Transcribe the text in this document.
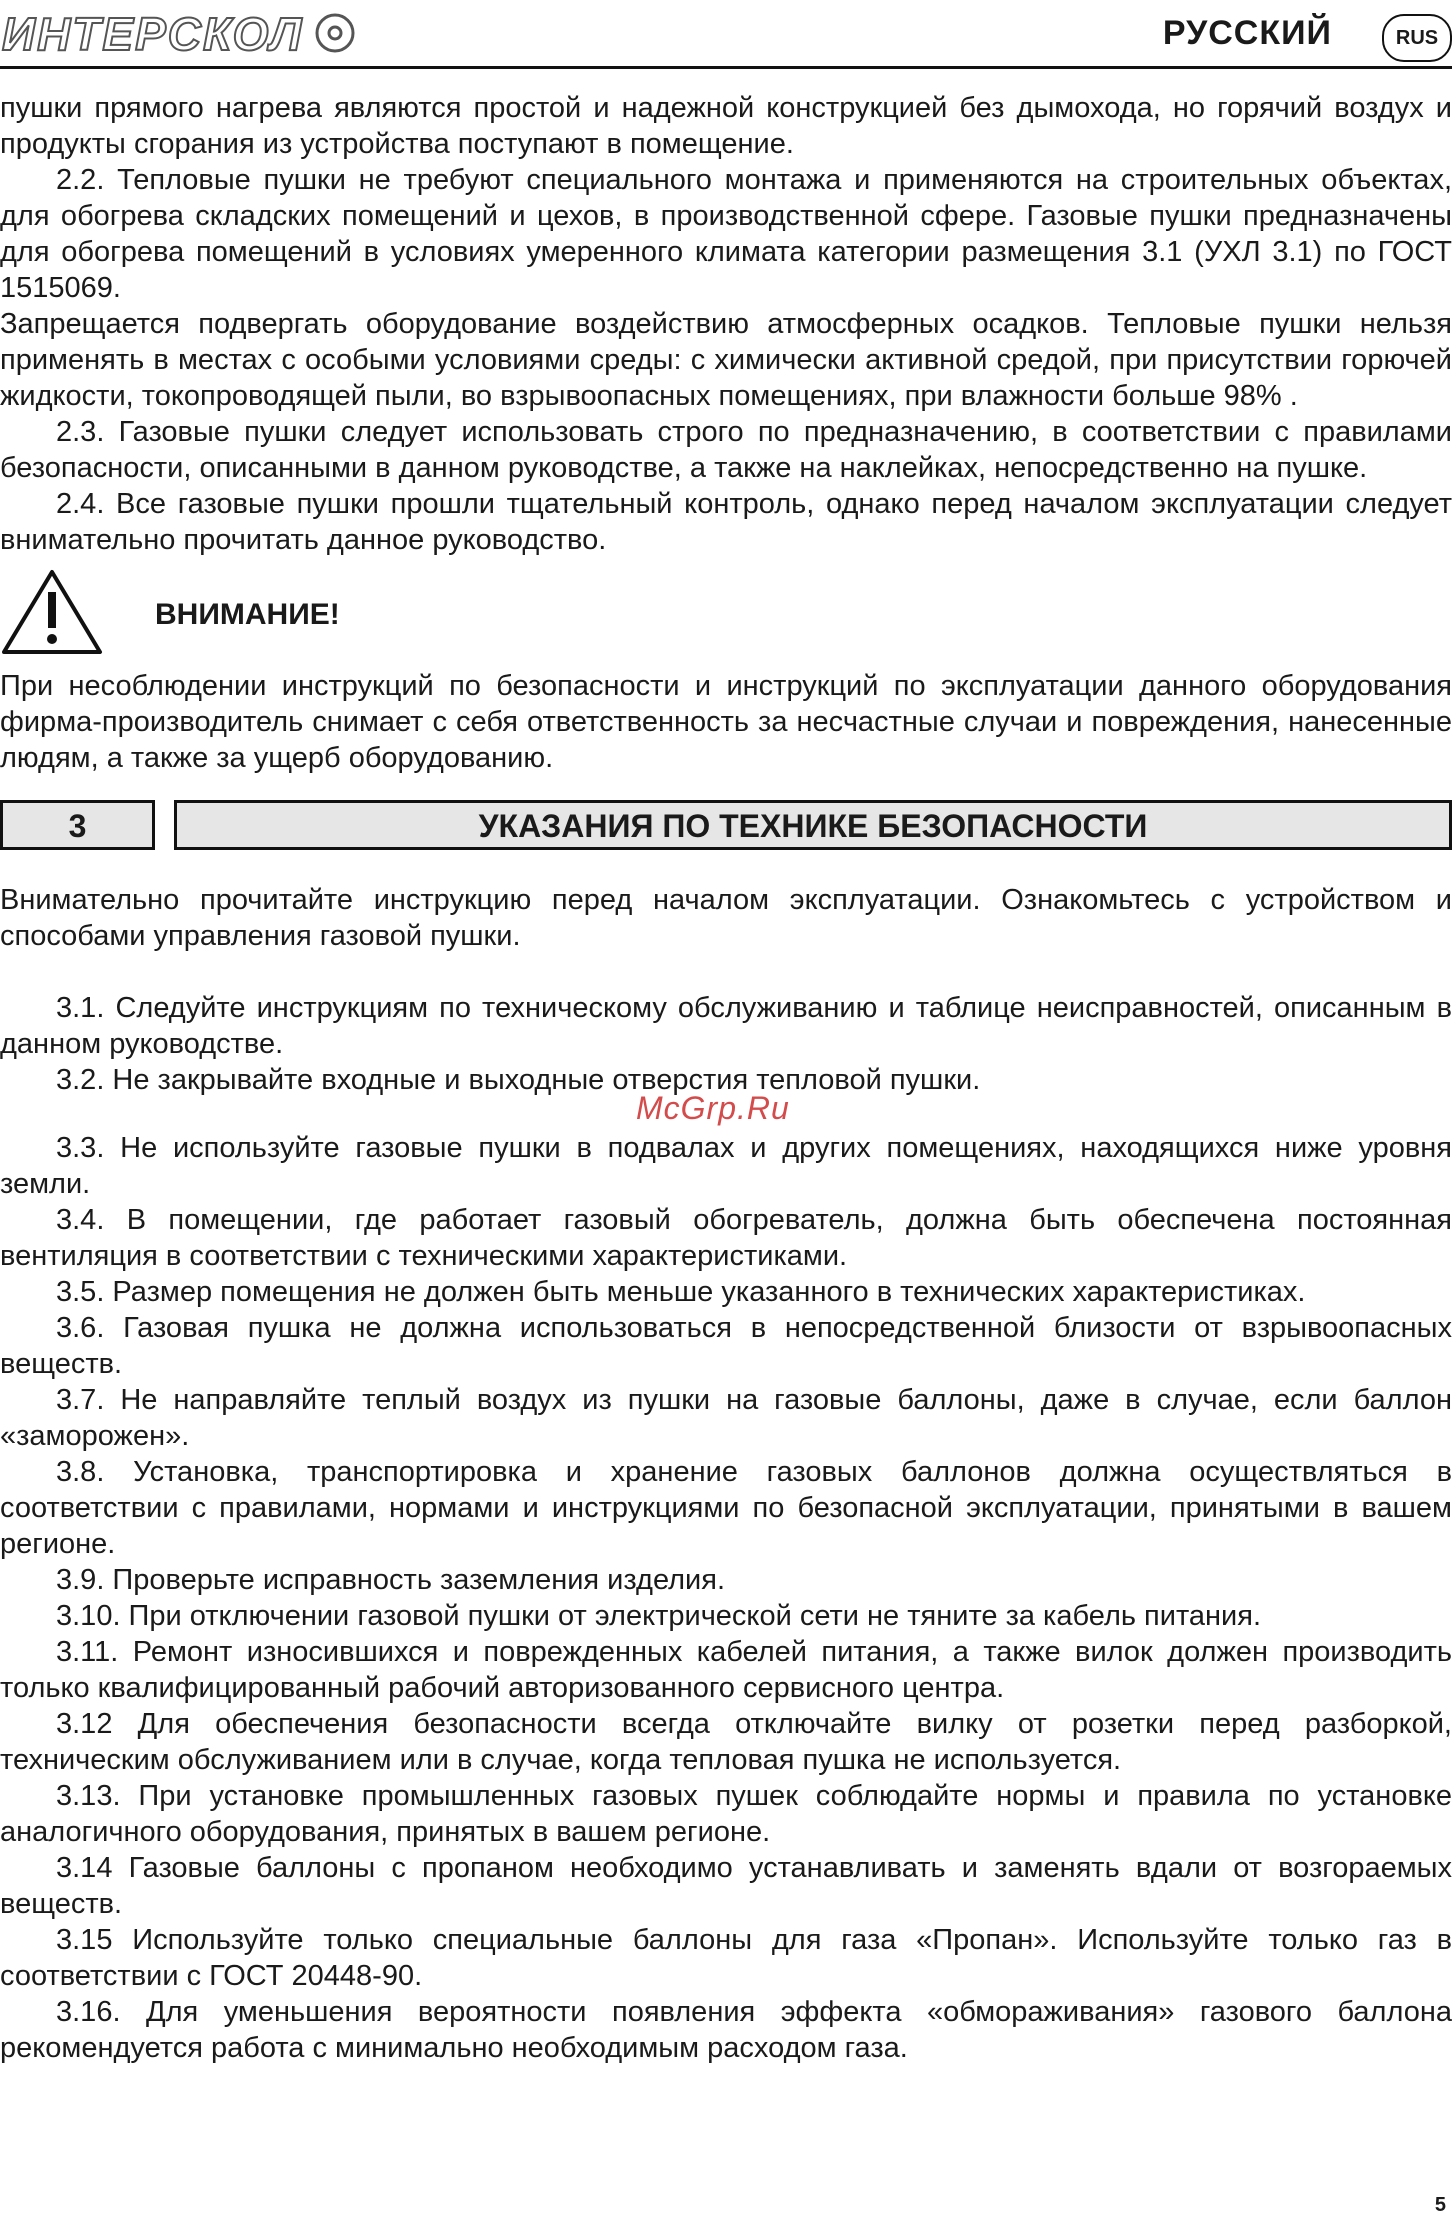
ИНТЕРСКОЛ	РУССКИЙ	RUS

пушки прямого нагрева являются простой и надежной конструкцией без дымохода, но горячий воздух и продукты сгорания из устройства поступают в помещение.

2.2. Тепловые пушки не требуют специального монтажа и применяются на строительных объектах, для обогрева складских помещений и цехов, в производственной сфере. Газовые пушки предназначены для обогрева помещений в условиях умеренного климата категории размещения 3.1 (УХЛ 3.1) по ГОСТ 1515069.

Запрещается подвергать оборудование воздействию атмосферных осадков. Тепловые пушки нельзя применять в местах с особыми условиями среды: с химически активной средой, при присутствии горючей жидкости, токопроводящей пыли, во взрывоопасных помещениях, при влажности больше 98% .

2.3. Газовые пушки следует использовать строго по предназначению, в соответствии с правилами безопасности, описанными в данном руководстве, а также на наклейках, непосредственно на пушке.

2.4. Все газовые пушки прошли тщательный контроль, однако перед началом эксплуатации следует внимательно прочитать данное руководство.

ВНИМАНИЕ!

При несоблюдении инструкций по безопасности и инструкций по эксплуатации данного оборудования фирма-производитель снимает с себя ответственность за несчастные случаи и повреждения, нанесенные людям, а также за ущерб оборудованию.

3	УКАЗАНИЯ ПО ТЕХНИКЕ БЕЗОПАСНОСТИ

Внимательно прочитайте инструкцию перед началом эксплуатации. Ознакомьтесь с устройством и способами управления газовой пушки.

3.1. Следуйте инструкциям по техническому обслуживанию и таблице неисправностей, описанным в данном руководстве.

3.2. Не закрывайте входные и выходные отверстия тепловой пушки.

McGrp.Ru

3.3. Не используйте газовые пушки в подвалах и других помещениях, находящихся ниже уровня земли.

3.4. В помещении, где работает газовый обогреватель, должна быть обеспечена постоянная вентиляция в соответствии с техническими характеристиками.

3.5. Размер помещения не должен быть меньше указанного в технических характеристиках.

3.6. Газовая пушка не должна использоваться в непосредственной близости от взрывоопасных веществ.

3.7. Не направляйте теплый воздух из пушки на газовые баллоны, даже в случае, если баллон «заморожен».

3.8. Установка, транспортировка и хранение газовых баллонов должна осуществляться в соответствии с правилами, нормами и инструкциями по безопасной эксплуатации, принятыми в вашем регионе.

3.9. Проверьте исправность заземления изделия.

3.10. При отключении газовой пушки от электрической сети не тяните за кабель питания.

3.11. Ремонт износившихся и поврежденных кабелей питания, а также вилок должен производить только квалифицированный рабочий авторизованного сервисного центра.

3.12 Для обеспечения безопасности всегда отключайте вилку от розетки перед разборкой, техническим обслуживанием или в случае, когда тепловая пушка не используется.

3.13. При установке промышленных газовых пушек соблюдайте нормы и правила по установке аналогичного оборудования, принятых в вашем регионе.

3.14 Газовые баллоны с пропаном необходимо устанавливать и заменять вдали от возгораемых веществ.

3.15 Используйте только специальные баллоны для газа «Пропан». Используйте только газ в соответствии с ГОСТ 20448-90.

3.16. Для уменьшения вероятности появления эффекта «обмораживания» газового баллона рекомендуется работа с минимально необходимым расходом газа.

5
